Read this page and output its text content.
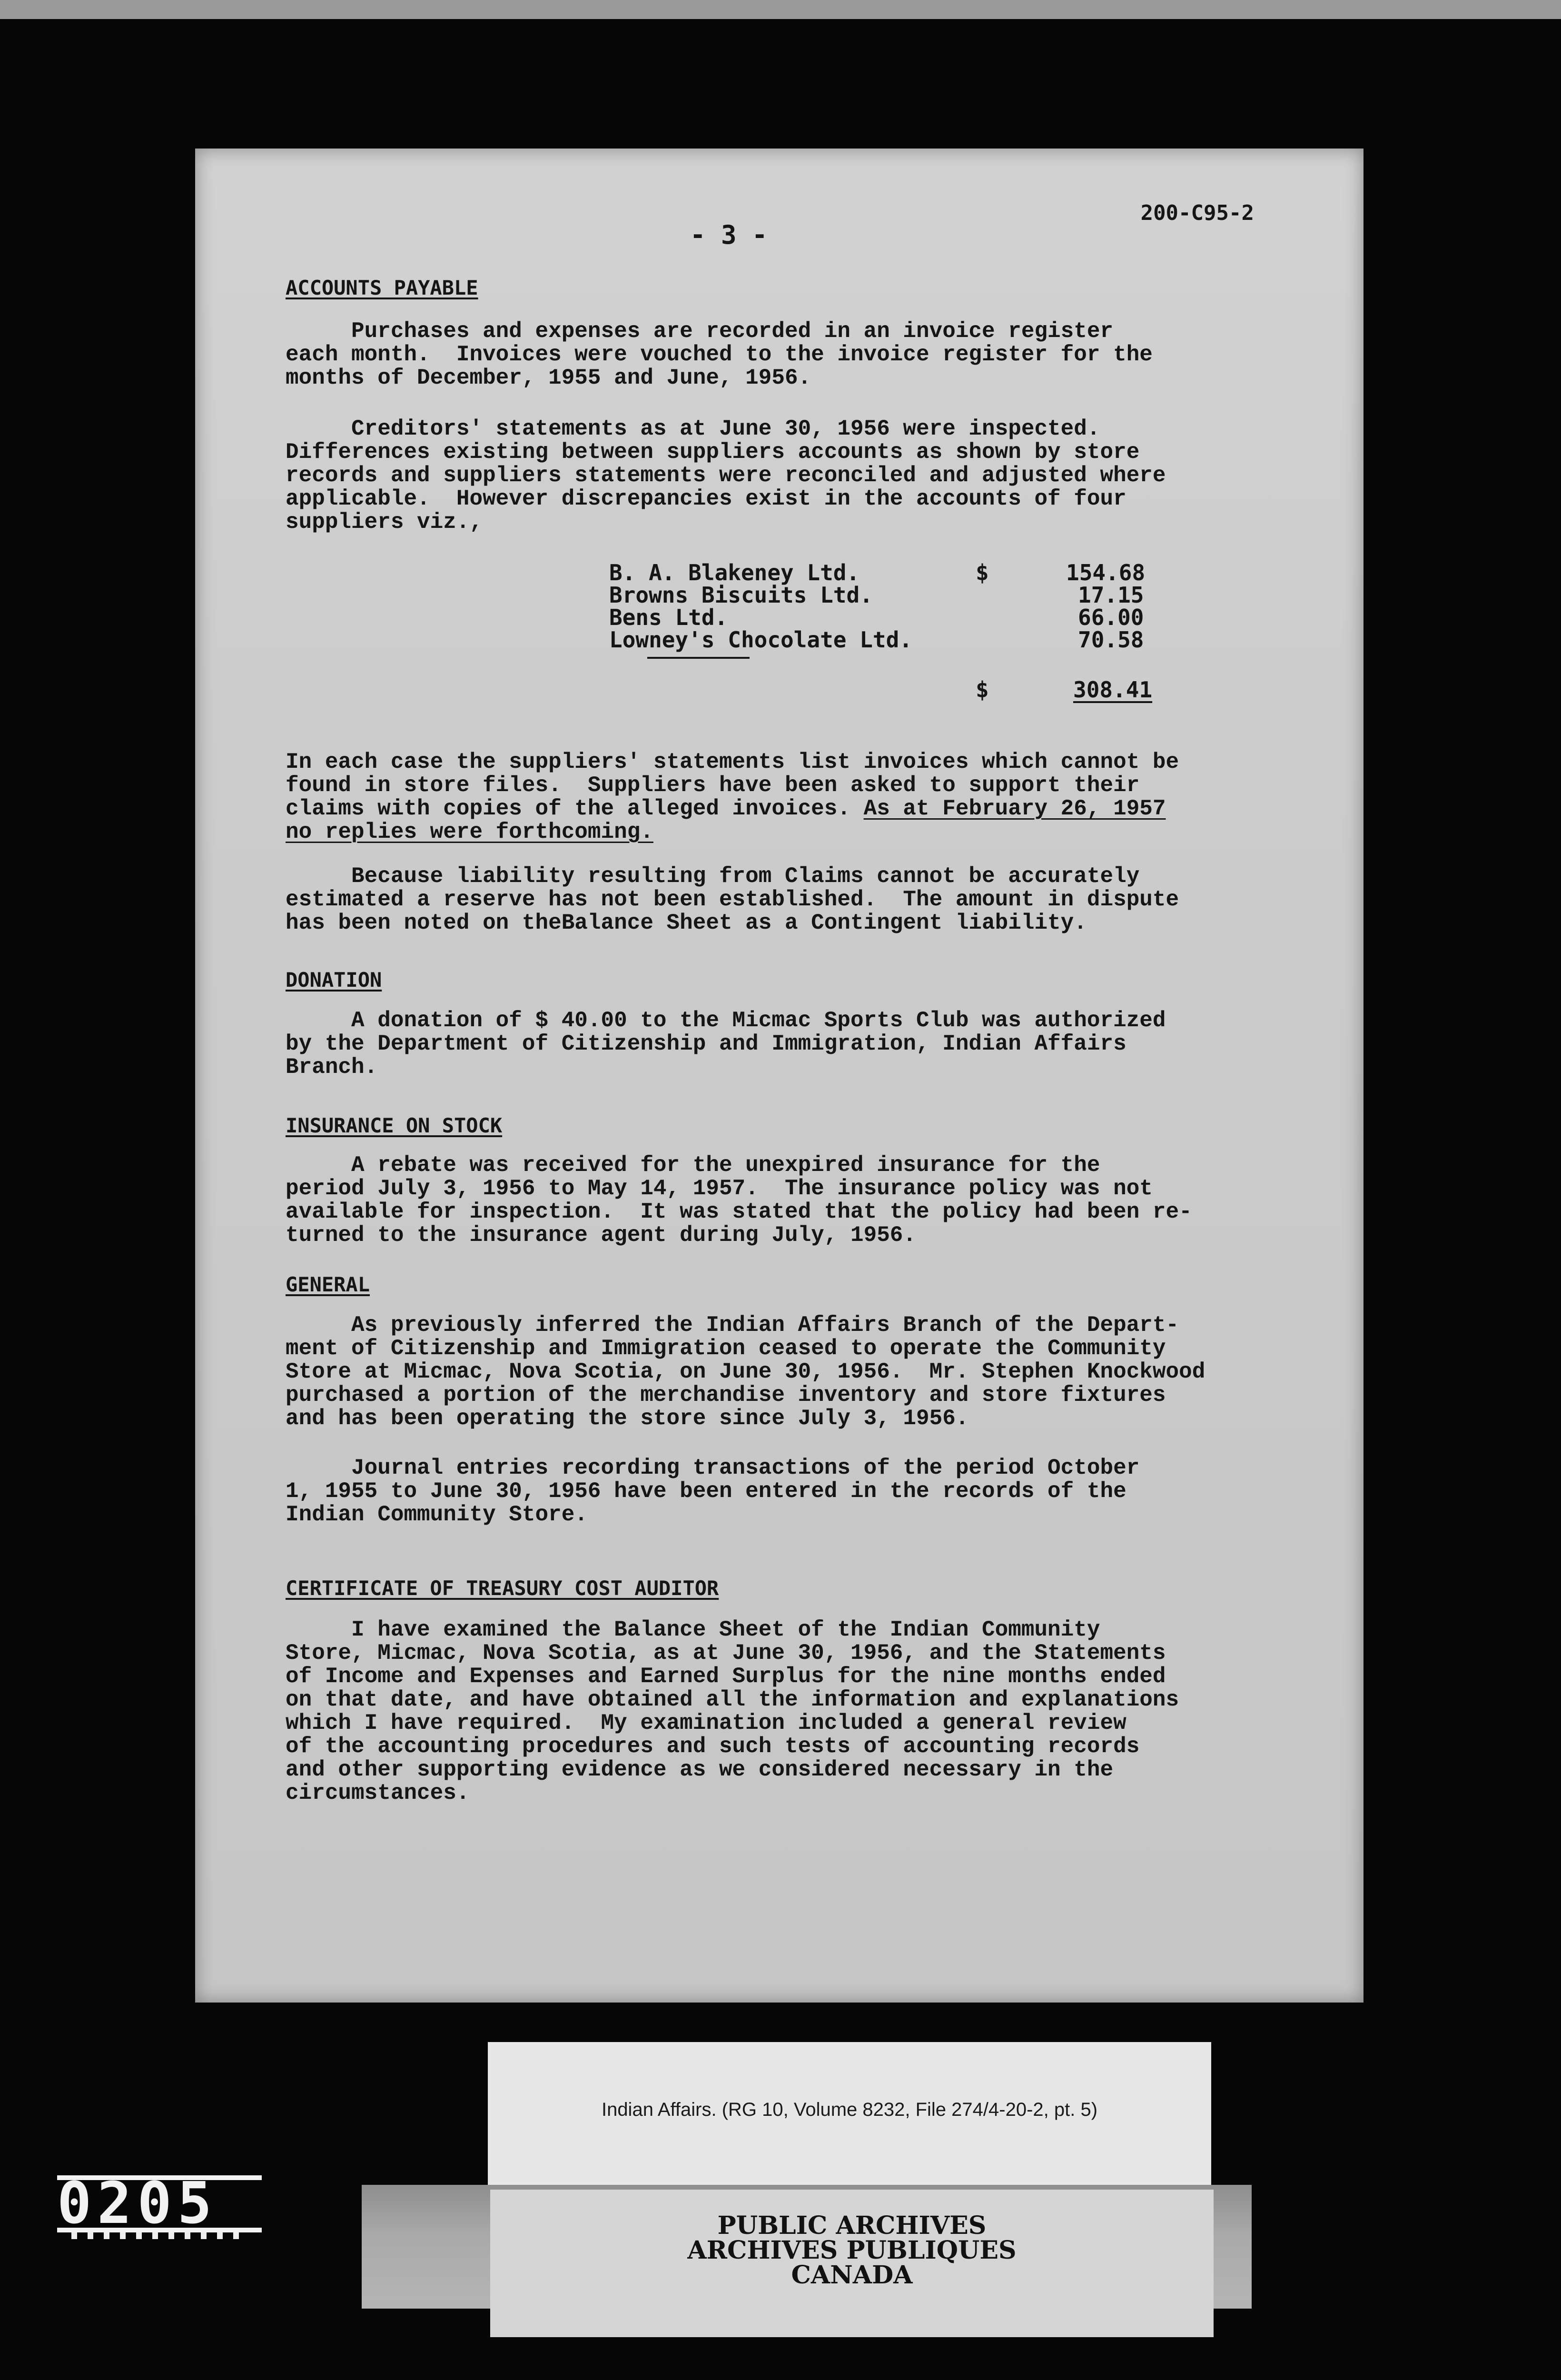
- 3 -
200-C95-2
ACCOUNTS PAYABLE
Purchases and expenses are recorded in an invoice register
each month.  Invoices were vouched to the invoice register for the
months of December, 1955 and June, 1956.
Creditors' statements as at June 30, 1956 were inspected.
Differences existing between suppliers accounts as shown by store
records and suppliers statements were reconciled and adjusted where
applicable.  However discrepancies exist in the accounts of four
suppliers viz.,
B. A. Blakeney Ltd.	$	154.68
Browns Biscuits Ltd.	17.15
Bens Ltd.	66.00
Lowney's Chocolate Ltd.	70.58
$	308.41
In each case the suppliers' statements list invoices which cannot be
found in store files.  Suppliers have been asked to support their
claims with copies of the alleged invoices. As at February 26, 1957
no replies were forthcoming.
Because liability resulting from Claims cannot be accurately
estimated a reserve has not been established.  The amount in dispute
has been noted on theBalance Sheet as a Contingent liability.
DONATION
A donation of $ 40.00 to the Micmac Sports Club was authorized
by the Department of Citizenship and Immigration, Indian Affairs
Branch.
INSURANCE ON STOCK
A rebate was received for the unexpired insurance for the
period July 3, 1956 to May 14, 1957.  The insurance policy was not
available for inspection.  It was stated that the policy had been re-
turned to the insurance agent during July, 1956.
GENERAL
As previously inferred the Indian Affairs Branch of the Depart-
ment of Citizenship and Immigration ceased to operate the Community
Store at Micmac, Nova Scotia, on June 30, 1956.  Mr. Stephen Knockwood
purchased a portion of the merchandise inventory and store fixtures
and has been operating the store since July 3, 1956.
Journal entries recording transactions of the period October
1, 1955 to June 30, 1956 have been entered in the records of the
Indian Community Store.
CERTIFICATE OF TREASURY COST AUDITOR
I have examined the Balance Sheet of the Indian Community
Store, Micmac, Nova Scotia, as at June 30, 1956, and the Statements
of Income and Expenses and Earned Surplus for the nine months ended
on that date, and have obtained all the information and explanations
which I have required.  My examination included a general review
of the accounting procedures and such tests of accounting records
and other supporting evidence as we considered necessary in the
circumstances.
Indian Affairs. (RG 10, Volume 8232, File 274/4-20-2, pt. 5)
PUBLIC ARCHIVES
ARCHIVES PUBLIQUES
CANADA
0205
